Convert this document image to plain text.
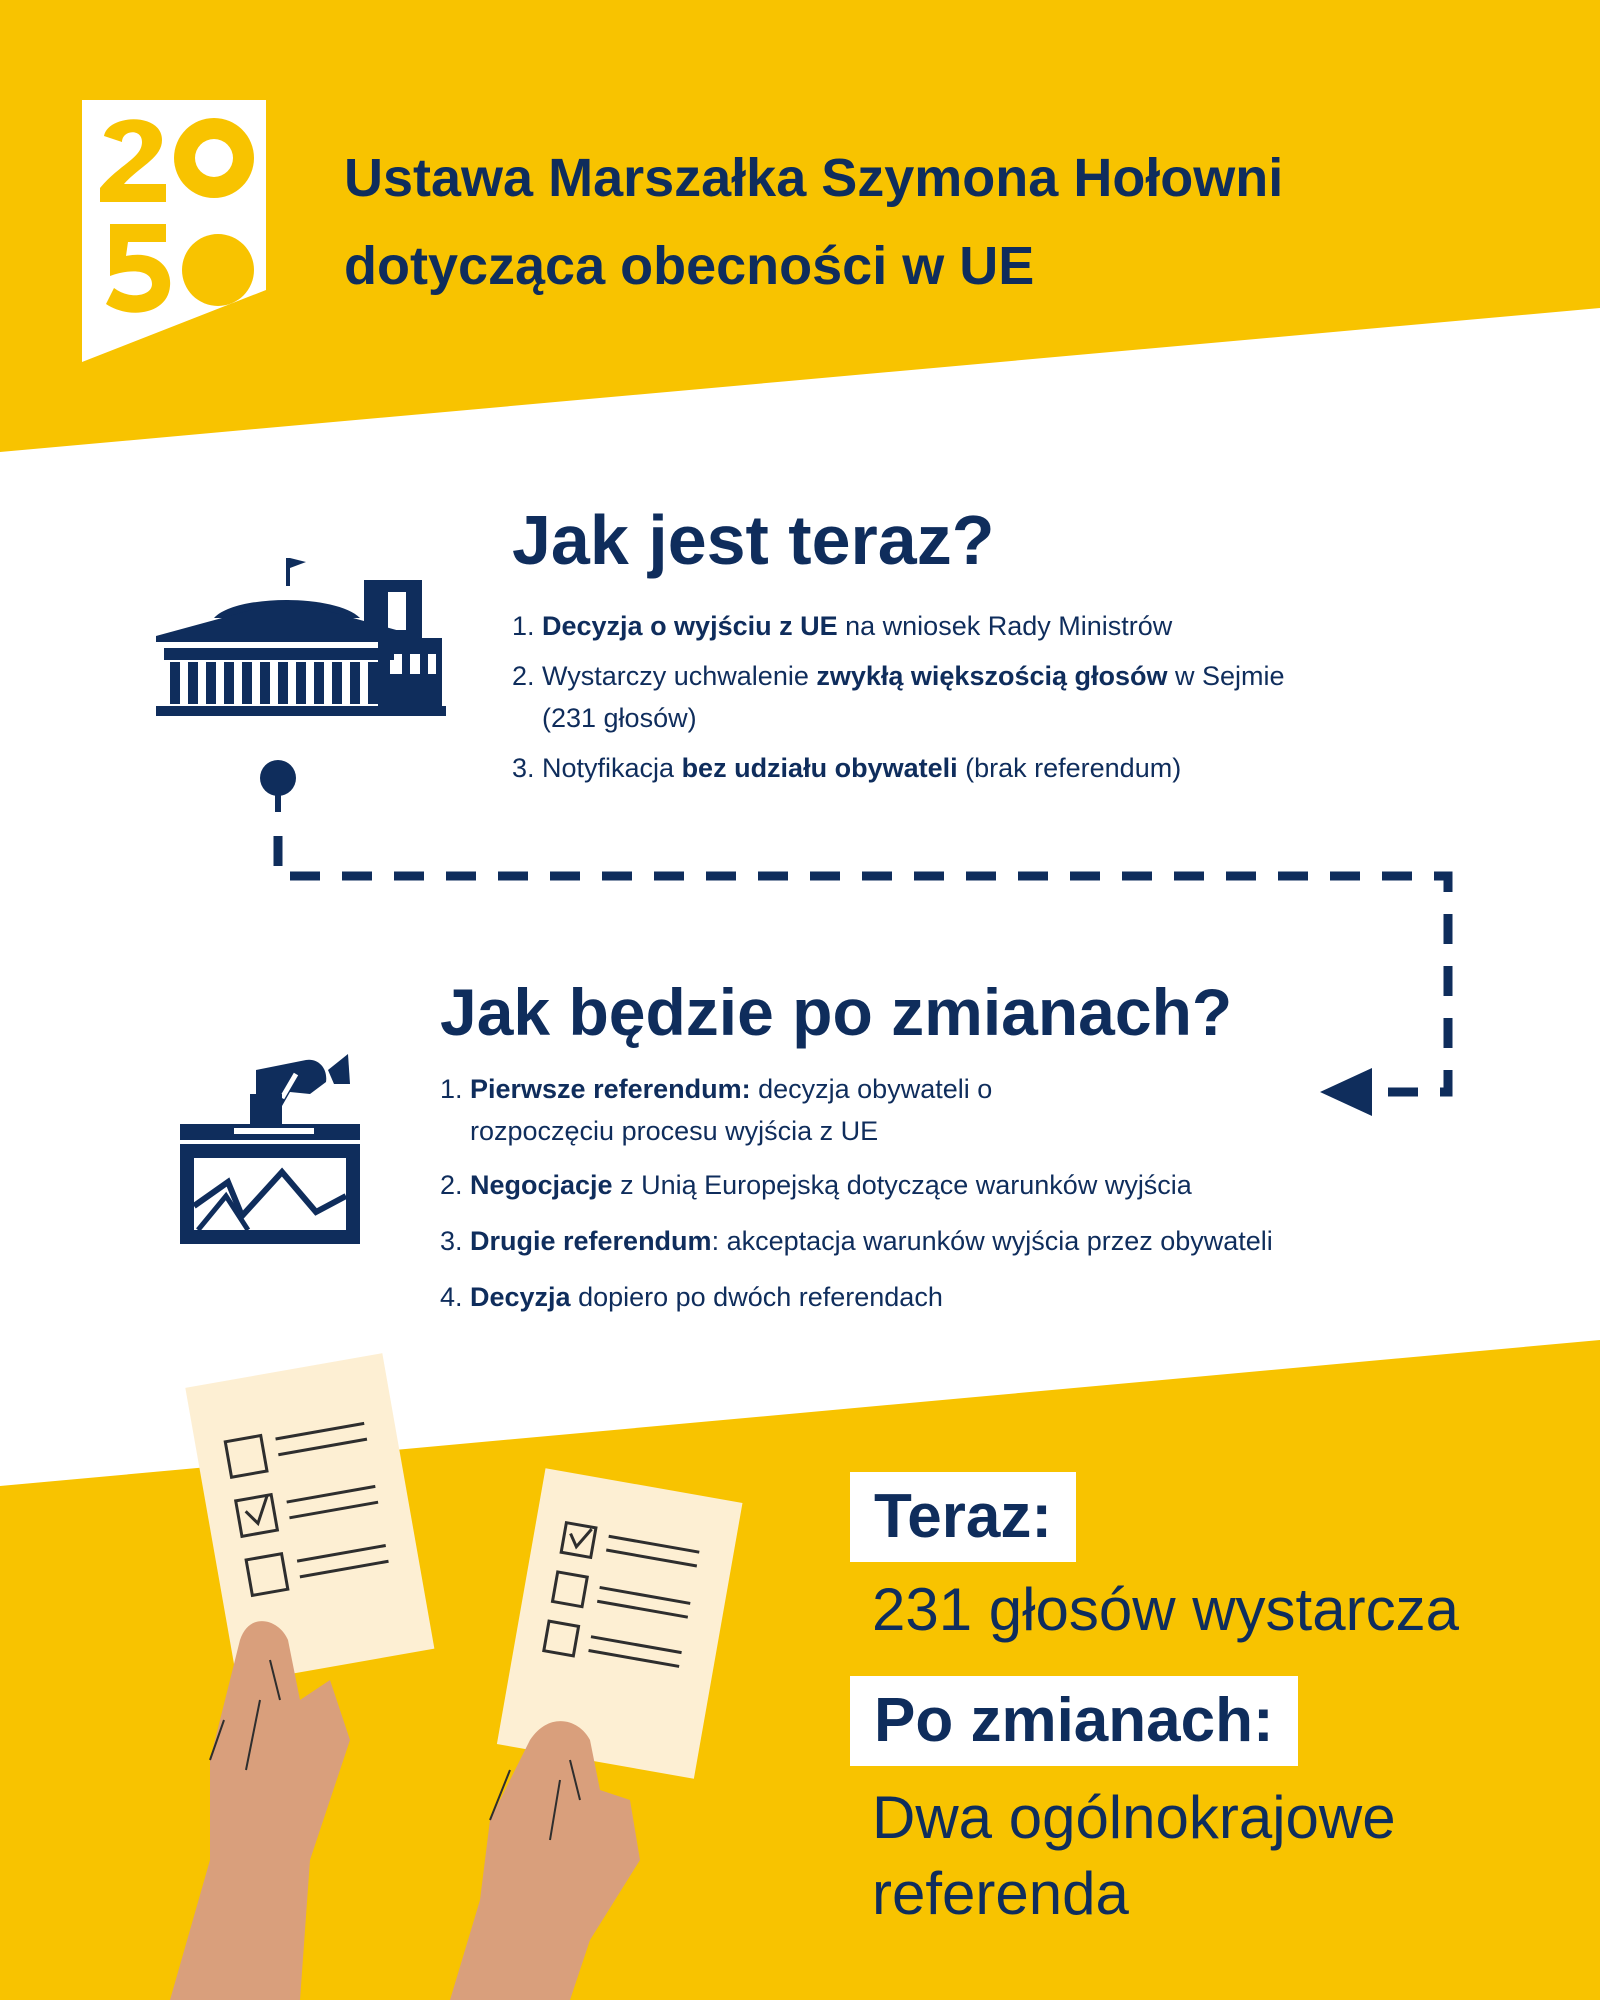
Ustawa Marszałka Szymona Hołowni
dotycząca obecności w UE
Jak jest teraz?
1. Decyzja o wyjściu z UE na wniosek Rady Ministrów
2. Wystarczy uchwalenie zwykłą większością głosów w Sejmie (231 głosów)
3. Notyfikacja bez udziału obywateli (brak referendum)
Jak będzie po zmianach?
1. Pierwsze referendum: decyzja obywateli o rozpoczęciu procesu wyjścia z UE
2. Negocjacje z Unią Europejską dotyczące warunków wyjścia
3. Drugie referendum: akceptacja warunków wyjścia przez obywateli
4. Decyzja dopiero po dwóch referendach
Teraz:
231 głosów wystarcza
Po zmianach:
Dwa ogólnokrajowe
referenda
